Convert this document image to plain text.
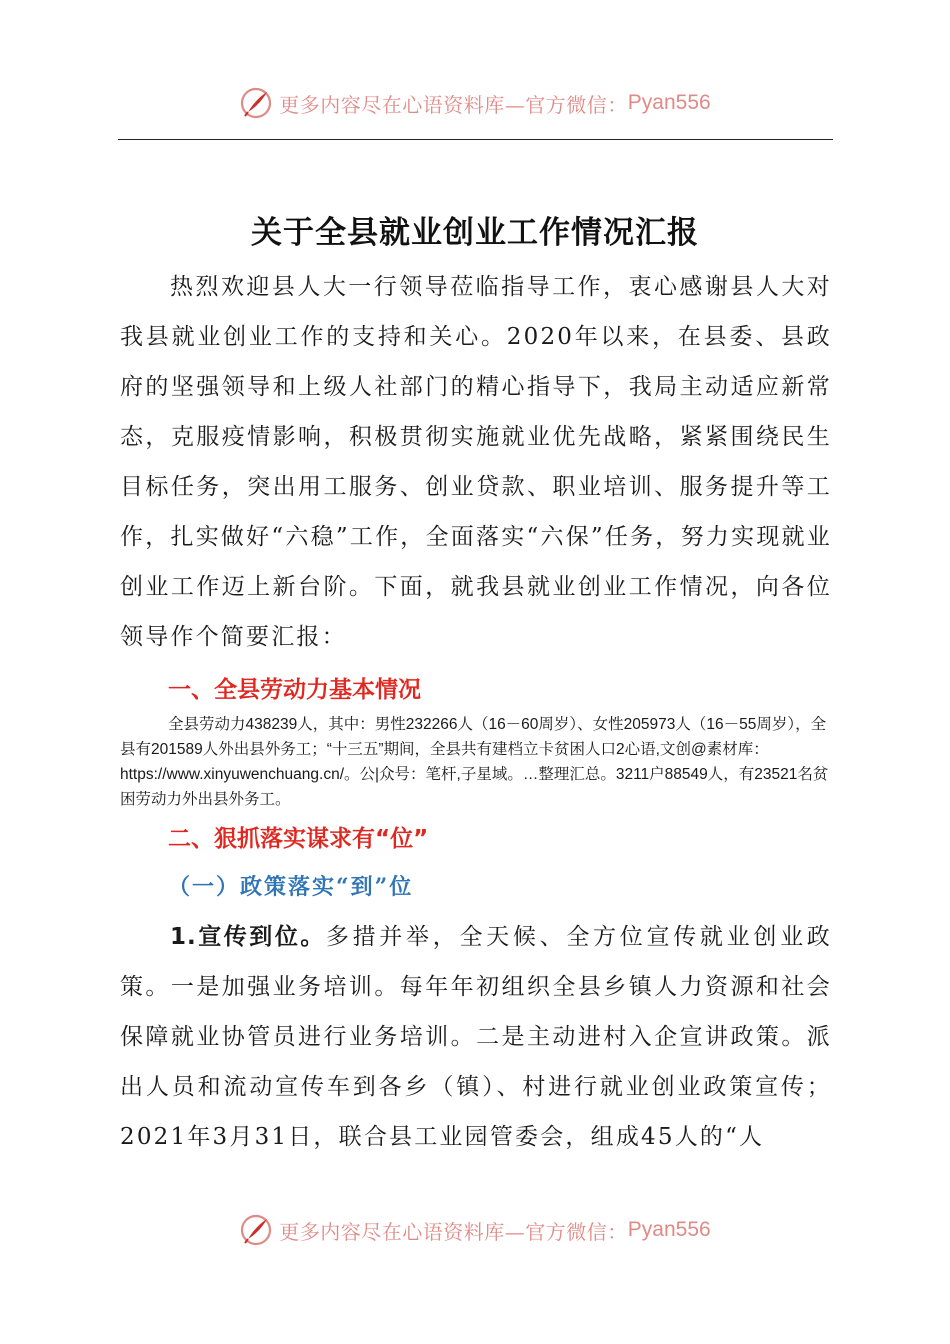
更多内容尽在心语资料库—官方微信： Pyan556
关于全县就业创业工作情况汇报

热烈欢迎县人大一行领导莅临指导工作，衷心感谢县人大对我县就业创业工作的支持和关心。2020年以来，在县委、县政府的坚强领导和上级人社部门的精心指导下，我局主动适应新常态，克服疫情影响，积极贯彻实施就业优先战略，紧紧围绕民生目标任务，突出用工服务、创业贷款、职业培训、服务提升等工作，扎实做好“六稳”工作，全面落实“六保”任务，努力实现就业创业工作迈上新台阶。下面，就我县就业创业工作情况，向各位领导作个简要汇报：

一、全县劳动力基本情况

全县劳动力438239人，其中：男性232266人（16－60周岁）、女性205973人（16－55周岁），全县有201589人外出县外务工；“十三五”期间，全县共有建档立卡贫困人口2心语,文创@素材库：https://www.xinyuwenchuang.cn/。公|众号：笔杆,子星域。…整理汇总。3211户88549人，有23521名贫困劳动力外出县外务工。

二、狠抓落实谋求有“位”
（一）政策落实“到”位

1.宣传到位。多措并举，全天候、全方位宣传就业创业政策。一是加强业务培训。每年年初组织全县乡镇人力资源和社会保障就业协管员进行业务培训。二是主动进村入企宣讲政策。派出人员和流动宣传车到各乡（镇）、村进行就业创业政策宣传；2021年3月31日，联合县工业园管委会，组成45人的“人

更多内容尽在心语资料库—官方微信： Pyan556
